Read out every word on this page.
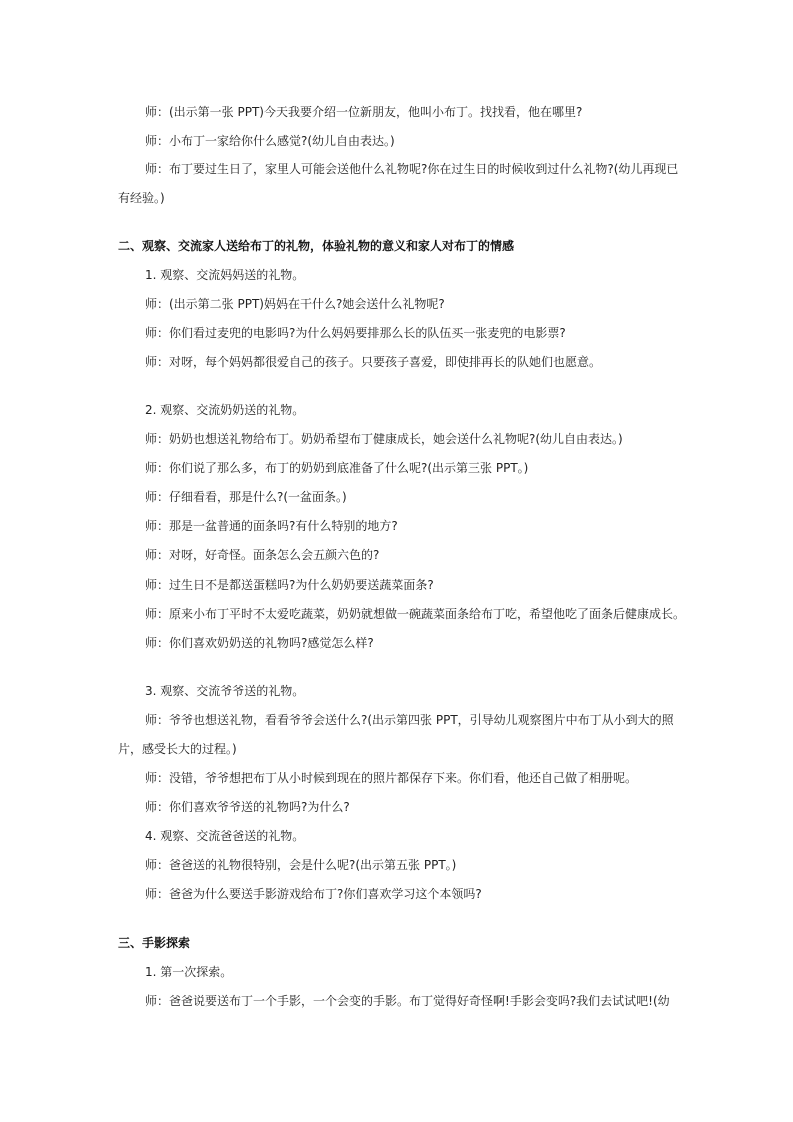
师：(出示第一张 PPT)今天我要介绍一位新朋友，他叫小布丁。找找看，他在哪里?
师：小布丁一家给你什么感觉?(幼儿自由表达。)
师：布丁要过生日了，家里人可能会送他什么礼物呢?你在过生日的时候收到过什么礼物?(幼儿再现已
有经验。)
二、观察、交流家人送给布丁的礼物，体验礼物的意义和家人对布丁的情感
1. 观察、交流妈妈送的礼物。
师：(出示第二张 PPT)妈妈在干什么?她会送什么礼物呢?
师：你们看过麦兜的电影吗?为什么妈妈要排那么长的队伍买一张麦兜的电影票?
师：对呀，每个妈妈都很爱自己的孩子。只要孩子喜爱，即使排再长的队她们也愿意。
2. 观察、交流奶奶送的礼物。
师：奶奶也想送礼物给布丁。奶奶希望布丁健康成长，她会送什么礼物呢?(幼儿自由表达。)
师：你们说了那么多，布丁的奶奶到底准备了什么呢?(出示第三张 PPT。)
师：仔细看看，那是什么?(一盆面条。)
师：那是一盆普通的面条吗?有什么特别的地方?
师：对呀，好奇怪。面条怎么会五颜六色的?
师：过生日不是都送蛋糕吗?为什么奶奶要送蔬菜面条?
师：原来小布丁平时不太爱吃蔬菜，奶奶就想做一碗蔬菜面条给布丁吃，希望他吃了面条后健康成长。
师：你们喜欢奶奶送的礼物吗?感觉怎么样?
3. 观察、交流爷爷送的礼物。
师：爷爷也想送礼物，看看爷爷会送什么?(出示第四张 PPT，引导幼儿观察图片中布丁从小到大的照
片，感受长大的过程。)
师：没错，爷爷想把布丁从小时候到现在的照片都保存下来。你们看，他还自己做了相册呢。
师：你们喜欢爷爷送的礼物吗?为什么?
4. 观察、交流爸爸送的礼物。
师：爸爸送的礼物很特别，会是什么呢?(出示第五张 PPT。)
师：爸爸为什么要送手影游戏给布丁?你们喜欢学习这个本领吗?
三、手影探索
1. 第一次探索。
师：爸爸说要送布丁一个手影，一个会变的手影。布丁觉得好奇怪啊!手影会变吗?我们去试试吧!(幼
